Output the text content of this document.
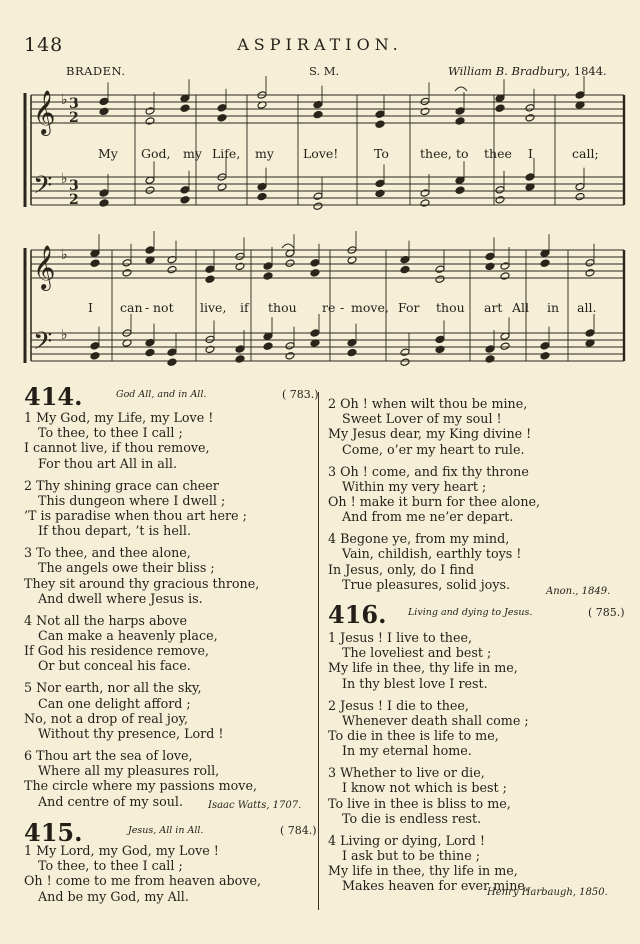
148	ASPIRATION.
BRADEN.	S. M.	William B. Bradbury, 1844.
𝄞 ♭ 3
2
𝄢 ♭ 3
2
𝄞 ♭
𝄢 ♭
My God, my Life, my Love!	To thee, to thee I	call;
I can - not live, if thou re - move, For thou art All in all.
414.	God All, and in All.	( 783.)
1 My God, my Life, my Love !
To thee, to thee I call ;
I cannot live, if thou remove,
For thou art All in all.
2 Thy shining grace can cheer
This dungeon where I dwell ;
’T is paradise when thou art here ;
If thou depart, ’t is hell.
3 To thee, and thee alone,
The angels owe their bliss ;
They sit around thy gracious throne,
And dwell where Jesus is.
4 Not all the harps above
Can make a heavenly place,
If God his residence remove,
Or but conceal his face.
5 Nor earth, nor all the sky,
Can one delight afford ;
No, not a drop of real joy,
Without thy presence, Lord !
6 Thou art the sea of love,
Where all my pleasures roll,
The circle where my passions move,
And centre of my soul.	Isaac Watts, 1707.
415.	Jesus, All in All.	( 784.)
1 My Lord, my God, my Love !
To thee, to thee I call ;
Oh ! come to me from heaven above,
And be my God, my All.
2 Oh ! when wilt thou be mine,
Sweet Lover of my soul !
My Jesus dear, my King divine !
Come, o’er my heart to rule.
3 Oh ! come, and fix thy throne
Within my very heart ;
Oh ! make it burn for thee alone,
And from me ne’er depart.
4 Begone ye, from my mind,
Vain, childish, earthly toys !
In Jesus, only, do I find
True pleasures, solid joys.	Anon., 1849.
416. Living and dying to Jesus.	( 785.)
1 Jesus ! I live to thee,
The loveliest and best ;
My life in thee, thy life in me,
In thy blest love I rest.
2 Jesus ! I die to thee,
Whenever death shall come ;
To die in thee is life to me,
In my eternal home.
3 Whether to live or die,
I know not which is best ;
To live in thee is bliss to me,
To die is endless rest.
4 Living or dying, Lord !
I ask but to be thine ;
My life in thee, thy life in me,
Makes heaven for ever mine.
Henry Harbaugh, 1850.
